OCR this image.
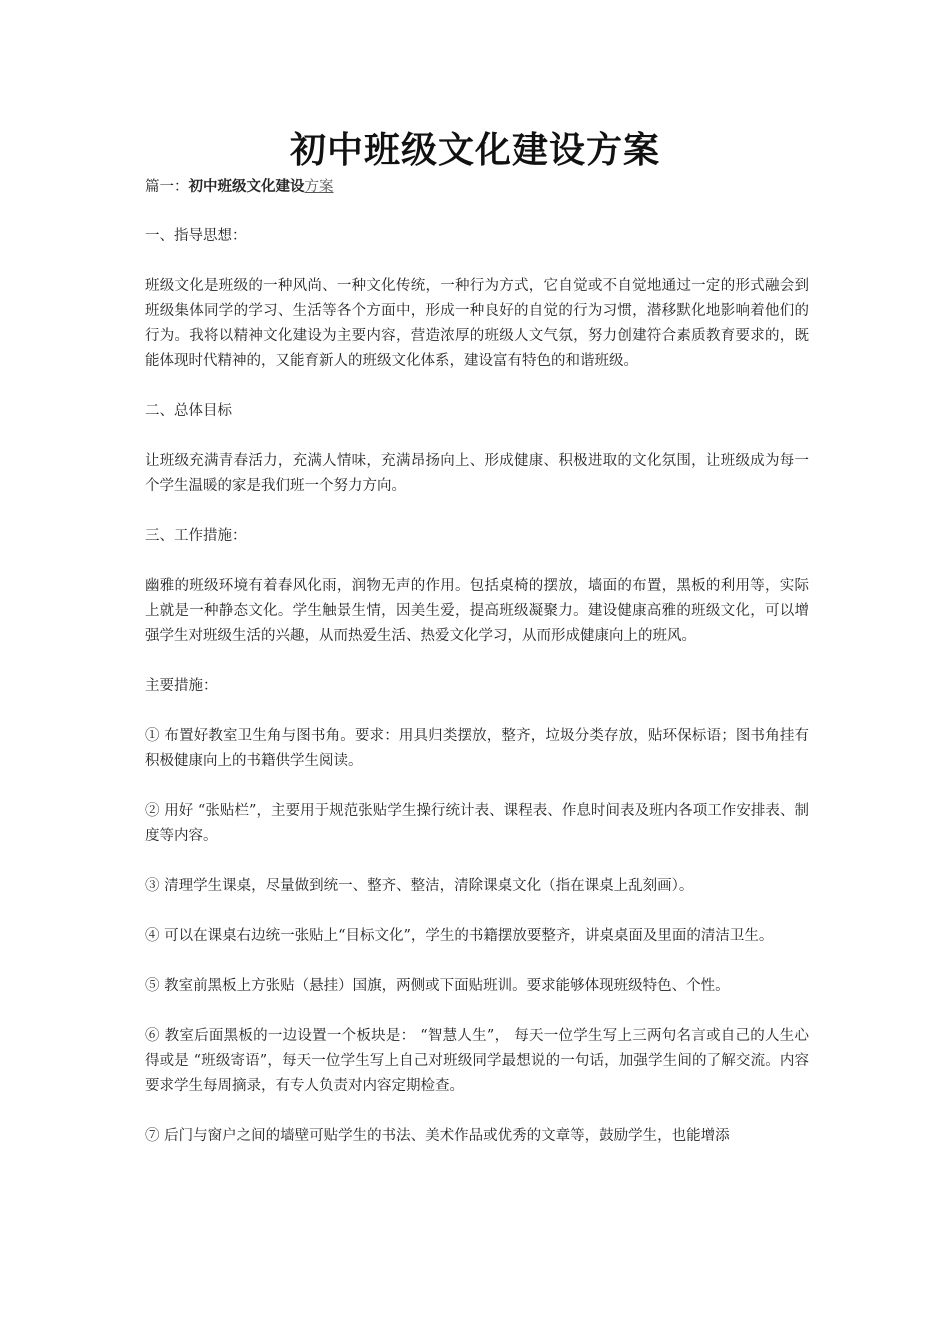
初中班级文化建设方案

篇一：初中班级文化建设方案

一、指导思想：

班级文化是班级的一种风尚、一种文化传统，一种行为方式，它自觉或不自觉地通过一定的形式融会到班级集体同学的学习、生活等各个方面中，形成一种良好的自觉的行为习惯，潜移默化地影响着他们的行为。我将以精神文化建设为主要内容，营造浓厚的班级人文气氛，努力创建符合素质教育要求的，既能体现时代精神的，又能育新人的班级文化体系，建设富有特色的和谐班级。

二、总体目标

让班级充满青春活力，充满人情味，充满昂扬向上、形成健康、积极进取的文化氛围，让班级成为每一个学生温暖的家是我们班一个努力方向。

三、工作措施：

幽雅的班级环境有着春风化雨，润物无声的作用。包括桌椅的摆放，墙面的布置，黑板的利用等，实际上就是一种静态文化。学生触景生情，因美生爱，提高班级凝聚力。建设健康高雅的班级文化，可以增强学生对班级生活的兴趣，从而热爱生活、热爱文化学习，从而形成健康向上的班风。

主要措施：

① 布置好教室卫生角与图书角。要求：用具归类摆放，整齐，垃圾分类存放，贴环保标语；图书角挂有积极健康向上的书籍供学生阅读。

② 用好 “张贴栏”，主要用于规范张贴学生操行统计表、课程表、作息时间表及班内各项工作安排表、制度等内容。

③ 清理学生课桌，尽量做到统一、整齐、整洁，清除课桌文化（指在课桌上乱刻画）。

④ 可以在课桌右边统一张贴上“目标文化”，学生的书籍摆放要整齐，讲桌桌面及里面的清洁卫生。

⑤ 教室前黑板上方张贴（悬挂）国旗，两侧或下面贴班训。要求能够体现班级特色、个性。

⑥ 教室后面黑板的一边设置一个板块是： “智慧人生”， 每天一位学生写上三两句名言或自己的人生心得或是 “班级寄语”，每天一位学生写上自己对班级同学最想说的一句话，加强学生间的了解交流。内容要求学生每周摘录，有专人负责对内容定期检查。

⑦ 后门与窗户之间的墙壁可贴学生的书法、美术作品或优秀的文章等，鼓励学生，也能增添
